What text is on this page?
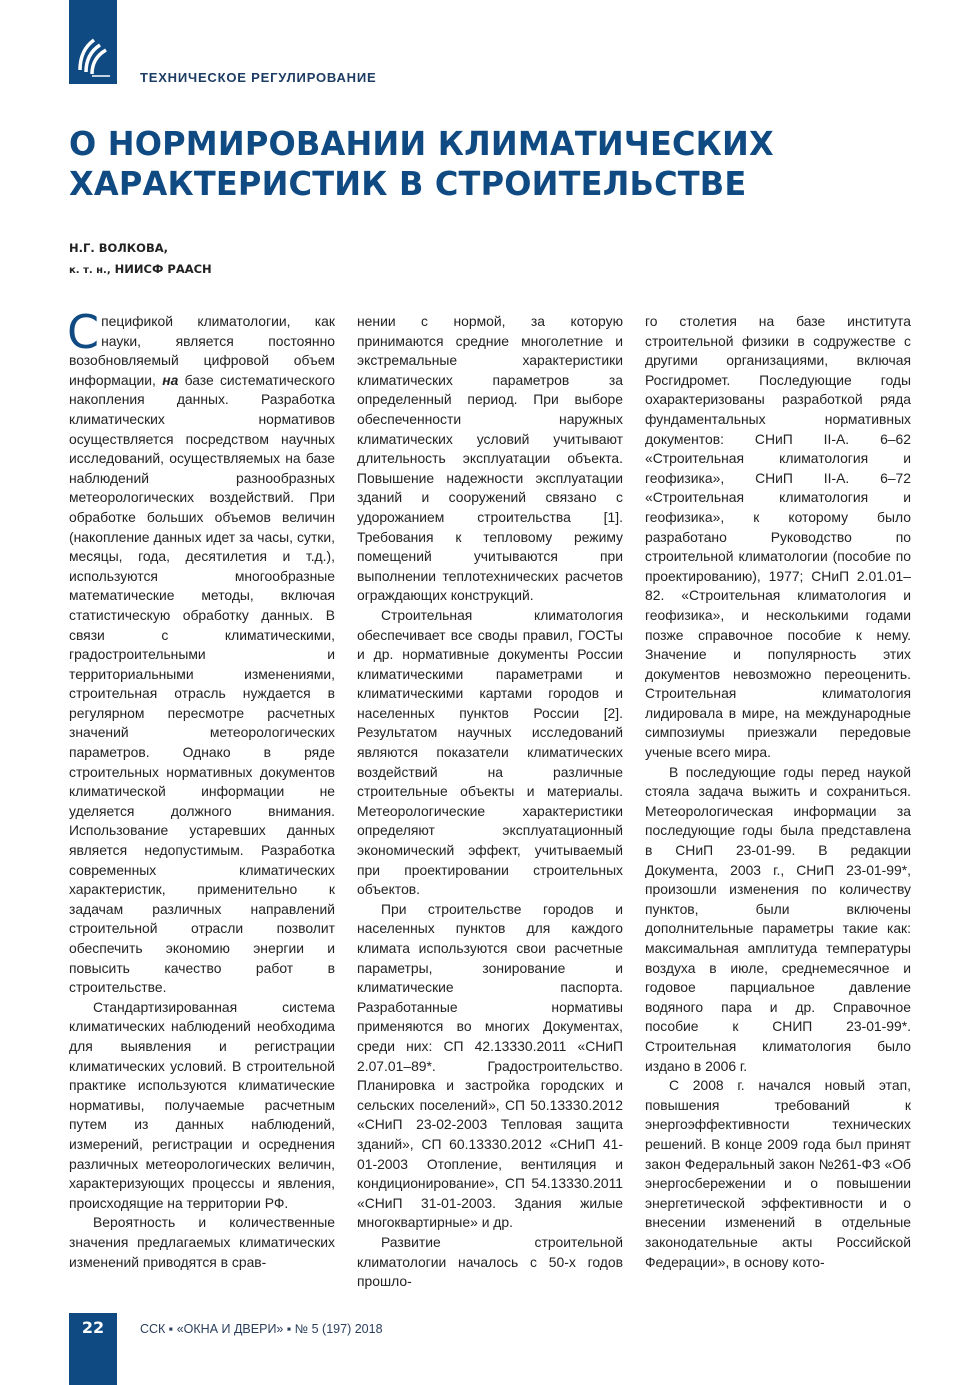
ТЕХНИЧЕСКОЕ РЕГУЛИРОВАНИЕ
О НОРМИРОВАНИИ КЛИМАТИЧЕСКИХ ХАРАКТЕРИСТИК В СТРОИТЕЛЬСТВЕ
Н.Г. ВОЛКОВА,
к. т. н., НИИСФ РААСН

Спецификой климатологии, как науки, является постоянно возобновляемый цифровой объем информации, на базе систематического накопления данных. Разработка климатических нормативов осуществляется посредством научных исследований, осуществляемых на базе наблюдений разнообразных метеорологических воздействий. При обработке больших объемов величин (накопление данных идет за часы, сутки, месяцы, года, десятилетия и т.д.), используются многообразные математические методы, включая статистическую обработку данных. В связи с климатическими, градостроительными и территориальными изменениями, строительная отрасль нуждается в регулярном пересмотре расчетных значений метеорологических параметров. Однако в ряде строительных нормативных документов климатической информации не уделяется должного внимания. Использование устаревших данных является недопустимым. Разработка современных климатических характеристик, применительно к задачам различных направлений строительной отрасли позволит обеспечить экономию энергии и повысить качество работ в строительстве.

Стандартизированная система климатических наблюдений необходима для выявления и регистрации климатических условий. В строительной практике используются климатические нормативы, получаемые расчетным путем из данных наблюдений, измерений, регистрации и осреднения различных метеорологических величин, характеризующих процессы и явления, происходящие на территории РФ.

Вероятность и количественные значения предлагаемых климатических изменений приводятся в срав-

нении с нормой, за которую принимаются средние многолетние и экстремальные характеристики климатических параметров за определенный период. При выборе обеспеченности наружных климатических условий учитывают длительность эксплуатации объекта. Повышение надежности эксплуатации зданий и сооружений связано с удорожанием строительства [1]. Требования к тепловому режиму помещений учитываются при выполнении теплотехнических расчетов ограждающих конструкций.

Строительная климатология обеспечивает все своды правил, ГОСТы и др. нормативные документы России климатическими параметрами и климатическими картами городов и населенных пунктов России [2]. Результатом научных исследований являются показатели климатических воздействий на различные строительные объекты и материалы. Метеорологические характеристики определяют эксплуатационный экономический эффект, учитываемый при проектировании строительных объектов.

При строительстве городов и населенных пунктов для каждого климата используются свои расчетные параметры, зонирование и климатические паспорта. Разработанные нормативы применяются во многих Документах, среди них: СП 42.13330.2011 «СНиП 2.07.01–89*. Градостроительство. Планировка и застройка городских и сельских поселений», СП 50.13330.2012 «СНиП 23-02-2003 Тепловая защита зданий», СП 60.13330.2012 «СНиП 41-01-2003 Отопление, вентиляция и кондиционирование», СП 54.13330.2011 «СНиП 31-01-2003. Здания жилые многоквартирные» и др.

Развитие строительной климатологии началось с 50-х годов прошло-

го столетия на базе института строительной физики в содружестве с другими организациями, включая Росгидромет. Последующие годы охарактеризованы разработкой ряда фундаментальных нормативных документов: СНиП II-А. 6–62 «Строительная климатология и геофизика», СНиП II-А. 6–72 «Строительная климатология и геофизика», к которому было разработано Руководство по строительной климатологии (пособие по проектированию), 1977; СНиП 2.01.01–82. «Строительная климатология и геофизика», и несколькими годами позже справочное пособие к нему. Значение и популярность этих документов невозможно переоценить. Строительная климатология лидировала в мире, на международные симпозиумы приезжали передовые ученые всего мира.

В последующие годы перед наукой стояла задача выжить и сохраниться. Метеорологическая информации за последующие годы была представлена в СНиП 23-01-99. В редакции Документа, 2003 г., СНиП 23-01-99*, произошли изменения по количеству пунктов, были включены дополнительные параметры такие как: максимальная амплитуда температуры воздуха в июле, среднемесячное и годовое парциальное давление водяного пара и др. Справочное пособие к СНИП 23-01-99*. Строительная климатология было издано в 2006 г.

С 2008 г. начался новый этап, повышения требований к энергоэффективности технических решений. В конце 2009 года был принят закон Федеральный закон №261-ФЗ «Об энергосбережении и о повышении энергетической эффективности и о внесении изменений в отдельные законодательные акты Российской Федерации», в основу кото-

22	ССК ▪ «ОКНА И ДВЕРИ» ▪ № 5 (197) 2018
